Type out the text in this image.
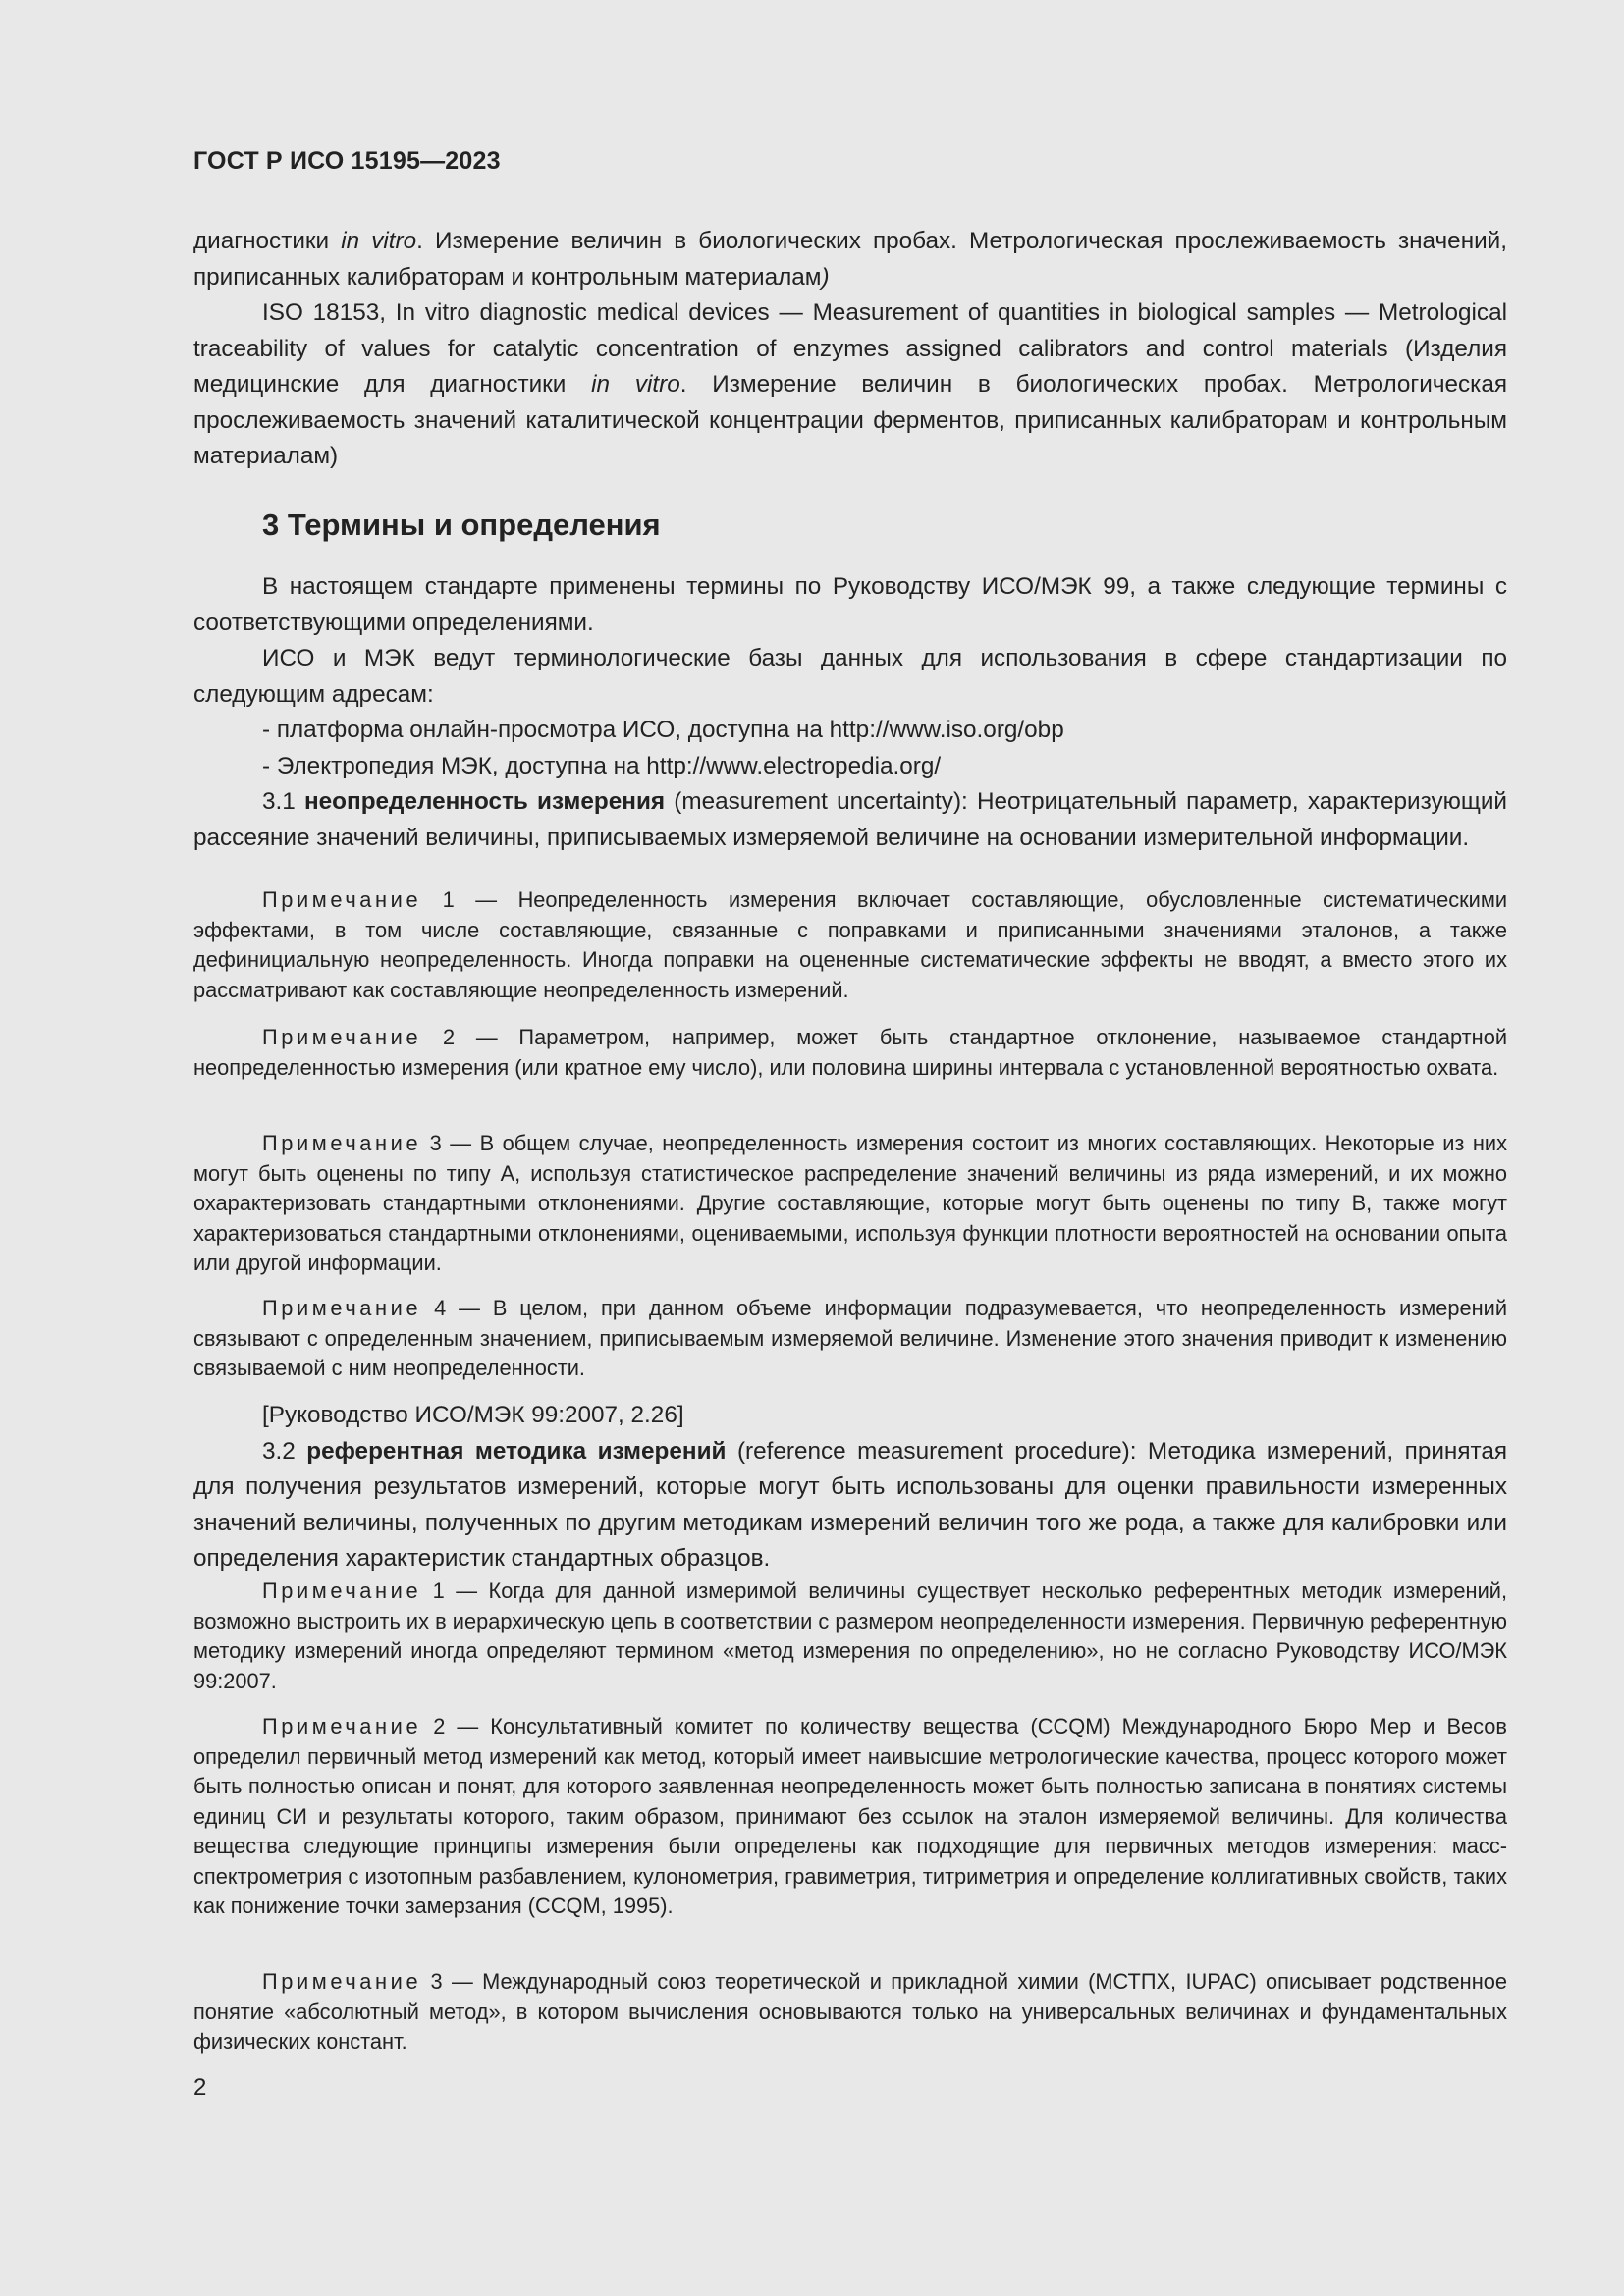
ГОСТ Р ИСО 15195—2023

диагностики in vitro. Измерение величин в биологических пробах. Метрологическая прослеживаемость значений, приписанных калибраторам и контрольным материалам)

ISO 18153, In vitro diagnostic medical devices — Measurement of quantities in biological samples — Metrological traceability of values for catalytic concentration of enzymes assigned calibrators and control materials (Изделия медицинские для диагностики in vitro. Измерение величин в биологических пробах. Метрологическая прослеживаемость значений каталитической концентрации ферментов, приписанных калибраторам и контрольным материалам)

3 Термины и определения

В настоящем стандарте применены термины по Руководству ИСО/МЭК 99, а также следующие термины с соответствующими определениями.

ИСО и МЭК ведут терминологические базы данных для использования в сфере стандартизации по следующим адресам:

- платформа онлайн-просмотра ИСО, доступна на http://www.iso.org/obp

- Электропедия МЭК, доступна на http://www.electropedia.org/

3.1 неопределенность измерения (measurement uncertainty): Неотрицательный параметр, характеризующий рассеяние значений величины, приписываемых измеряемой величине на основании измерительной информации.

Примечание 1 — Неопределенность измерения включает составляющие, обусловленные систематическими эффектами, в том числе составляющие, связанные с поправками и приписанными значениями эталонов, а также дефинициальную неопределенность. Иногда поправки на оцененные систематические эффекты не вводят, а вместо этого их рассматривают как составляющие неопределенность измерений.

Примечание 2 — Параметром, например, может быть стандартное отклонение, называемое стандартной неопределенностью измерения (или кратное ему число), или половина ширины интервала с установленной вероятностью охвата.

Примечание 3 — В общем случае, неопределенность измерения состоит из многих составляющих. Некоторые из них могут быть оценены по типу А, используя статистическое распределение значений величины из ряда измерений, и их можно охарактеризовать стандартными отклонениями. Другие составляющие, которые могут быть оценены по типу В, также могут характеризоваться стандартными отклонениями, оцениваемыми, используя функции плотности вероятностей на основании опыта или другой информации.

Примечание 4 — В целом, при данном объеме информации подразумевается, что неопределенность измерений связывают с определенным значением, приписываемым измеряемой величине. Изменение этого значения приводит к изменению связываемой с ним неопределенности.

[Руководство ИСО/МЭК 99:2007, 2.26]

3.2 референтная методика измерений (reference measurement procedure): Методика измерений, принятая для получения результатов измерений, которые могут быть использованы для оценки правильности измеренных значений величины, полученных по другим методикам измерений величин того же рода, а также для калибровки или определения характеристик стандартных образцов.

Примечание 1 — Когда для данной измеримой величины существует несколько референтных методик измерений, возможно выстроить их в иерархическую цепь в соответствии с размером неопределенности измерения. Первичную референтную методику измерений иногда определяют термином «метод измерения по определению», но не согласно Руководству ИСО/МЭК 99:2007.

Примечание 2 — Консультативный комитет по количеству вещества (CCQM) Международного Бюро Мер и Весов определил первичный метод измерений как метод, который имеет наивысшие метрологические качества, процесс которого может быть полностью описан и понят, для которого заявленная неопределенность может быть полностью записана в понятиях системы единиц СИ и результаты которого, таким образом, принимают без ссылок на эталон измеряемой величины. Для количества вещества следующие принципы измерения были определены как подходящие для первичных методов измерения: масс-спектрометрия с изотопным разбавлением, кулонометрия, гравиметрия, титриметрия и определение коллигативных свойств, таких как понижение точки замерзания (CCQM, 1995).

Примечание 3 — Международный союз теоретической и прикладной химии (МСТПХ, IUPAC) описывает родственное понятие «абсолютный метод», в котором вычисления основываются только на универсальных величинах и фундаментальных физических констант.

2
